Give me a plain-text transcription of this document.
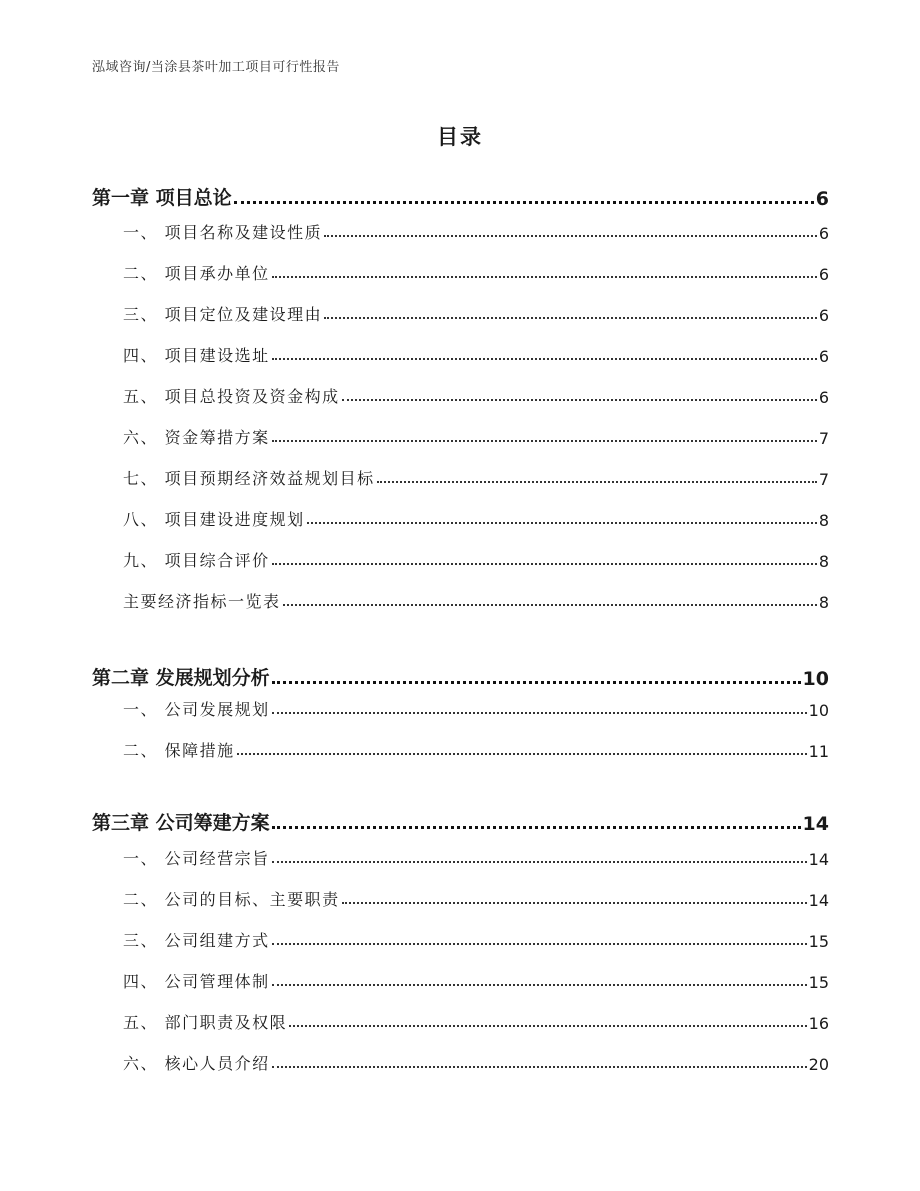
泓域咨询/当涂县茶叶加工项目可行性报告
目录
第一章 项目总论	6
一、 项目名称及建设性质	6
二、 项目承办单位	6
三、 项目定位及建设理由	6
四、 项目建设选址	6
五、 项目总投资及资金构成	6
六、 资金筹措方案	7
七、 项目预期经济效益规划目标	7
八、 项目建设进度规划	8
九、 项目综合评价	8
主要经济指标一览表	8
第二章 发展规划分析	10
一、 公司发展规划	10
二、 保障措施	11
第三章 公司筹建方案	14
一、 公司经营宗旨	14
二、 公司的目标、主要职责	14
三、 公司组建方式	15
四、 公司管理体制	15
五、 部门职责及权限	16
六、 核心人员介绍	20
